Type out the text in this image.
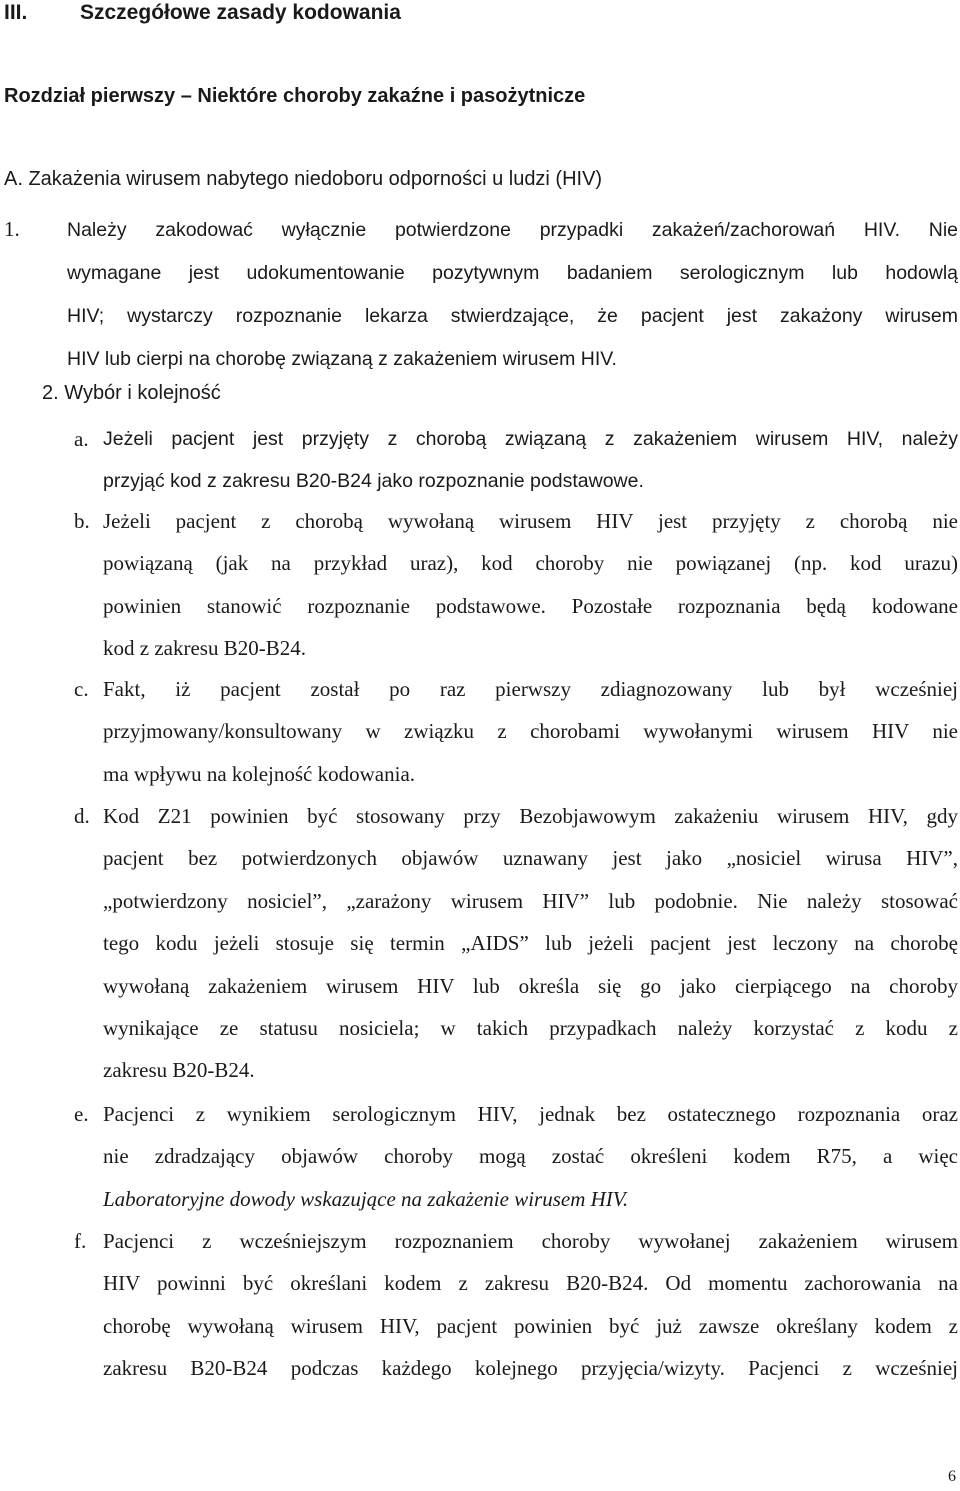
III.	Szczegółowe zasady kodowania
Rozdział pierwszy – Niektóre choroby zakaźne i pasożytnicze
A. Zakażenia wirusem nabytego niedoboru odporności u ludzi (HIV)
1. Należy zakodować wyłącznie potwierdzone przypadki zakażeń/zachorowań HIV. Nie
wymagane jest udokumentowanie pozytywnym badaniem serologicznym lub hodowlą
HIV; wystarczy rozpoznanie lekarza stwierdzające, że pacjent jest zakażony wirusem
HIV lub cierpi na chorobę związaną z zakażeniem wirusem HIV.
2. Wybór i kolejność
a. Jeżeli pacjent jest przyjęty z chorobą związaną z zakażeniem wirusem HIV, należy
przyjąć kod z zakresu B20-B24 jako rozpoznanie podstawowe.
b. Jeżeli pacjent z chorobą wywołaną wirusem HIV jest przyjęty z chorobą nie
powiązaną (jak na przykład uraz), kod choroby nie powiązanej (np. kod urazu)
powinien stanowić rozpoznanie podstawowe. Pozostałe rozpoznania będą kodowane
kod z zakresu B20-B24.
c. Fakt, iż pacjent został po raz pierwszy zdiagnozowany lub był wcześniej
przyjmowany/konsultowany w związku z chorobami wywołanymi wirusem HIV nie
ma wpływu na kolejność kodowania.
d. Kod Z21 powinien być stosowany przy Bezobjawowym zakażeniu wirusem HIV, gdy
pacjent bez potwierdzonych objawów uznawany jest jako „nosiciel wirusa HIV”,
„potwierdzony nosiciel”, „zarażony wirusem HIV” lub podobnie. Nie należy stosować
tego kodu jeżeli stosuje się termin „AIDS” lub jeżeli pacjent jest leczony na chorobę
wywołaną zakażeniem wirusem HIV lub określa się go jako cierpiącego na choroby
wynikające ze statusu nosiciela; w takich przypadkach należy korzystać z kodu z
zakresu B20-B24.
e. Pacjenci z wynikiem serologicznym HIV, jednak bez ostatecznego rozpoznania oraz
nie zdradzający objawów choroby mogą zostać określeni kodem R75, a więc
Laboratoryjne dowody wskazujące na zakażenie wirusem HIV.
f. Pacjenci z wcześniejszym rozpoznaniem choroby wywołanej zakażeniem wirusem
HIV powinni być określani kodem z zakresu B20-B24. Od momentu zachorowania na
chorobę wywołaną wirusem HIV, pacjent powinien być już zawsze określany kodem z
zakresu B20-B24 podczas każdego kolejnego przyjęcia/wizyty. Pacjenci z wcześniej
6
